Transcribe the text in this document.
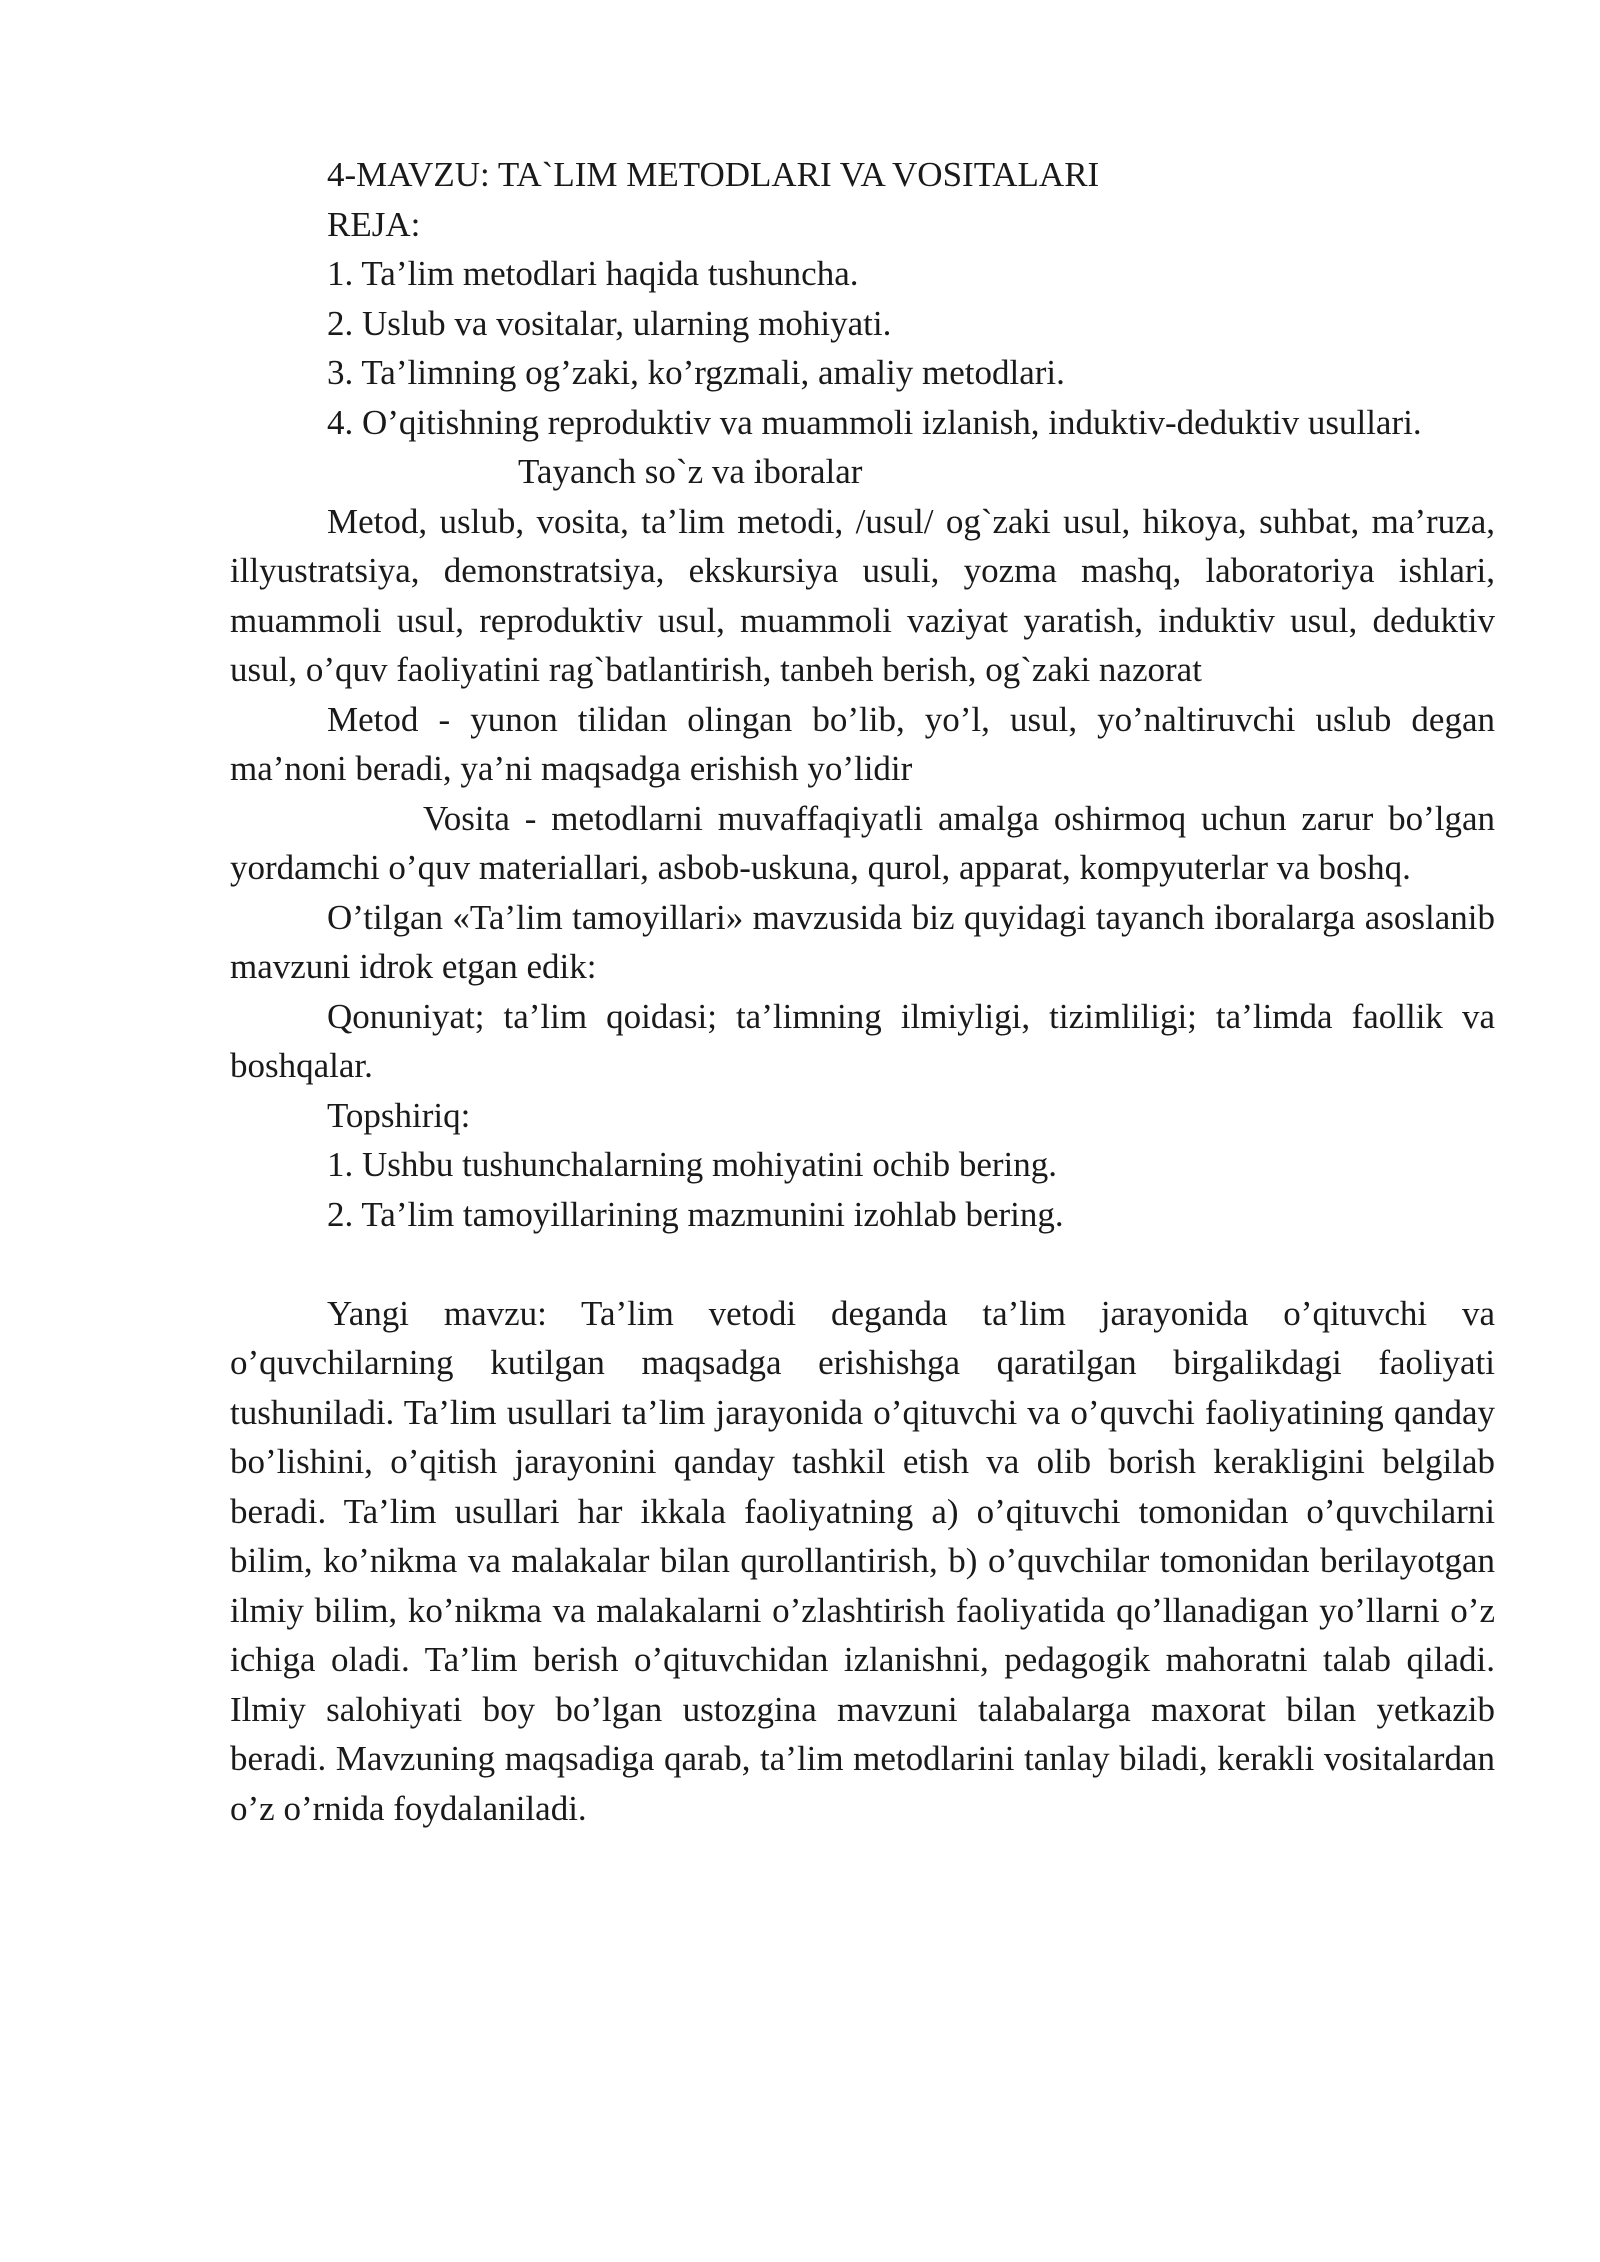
4-MAVZU: TA`LIM METODLARI VA VOSITALARI

REJA:

1. Ta’lim metodlari haqida tushuncha.

2. Uslub va vositalar, ularning mohiyati.

3. Ta’limning og’zaki, ko’rgzmali, amaliy metodlari.

4. O’qitishning reproduktiv va muammoli izlanish, induktiv-deduktiv usullari.

Tayanch so`z va iboralar

Metod, uslub, vosita, ta’lim metodi, /usul/ og`zaki usul, hikoya, suhbat, ma’ruza, illyustratsiya, demonstratsiya, ekskursiya usuli, yozma mashq, laboratoriya ishlari, muammoli usul, reproduktiv usul, muammoli vaziyat yaratish, induktiv usul, deduktiv usul, o’quv faoliyatini rag`batlantirish, tanbeh berish, og`zaki nazorat

Metod - yunon tilidan olingan bo’lib, yo’l, usul, yo’naltiruvchi uslub degan ma’noni beradi, ya’ni maqsadga erishish yo’lidir

Vosita - metodlarni muvaffaqiyatli amalga oshirmoq uchun zarur bo’lgan yordamchi o’quv materiallari, asbob-uskuna, qurol, apparat, kompyuterlar va boshq.

O’tilgan «Ta’lim tamoyillari» mavzusida biz quyidagi tayanch iboralarga asoslanib mavzuni idrok etgan edik:

Qonuniyat; ta’lim qoidasi; ta’limning ilmiyligi, tizimliligi; ta’limda faollik va boshqalar.

Topshiriq:

1. Ushbu tushunchalarning mohiyatini ochib bering.

2. Ta’lim tamoyillarining mazmunini izohlab bering.

Yangi mavzu: Ta’lim vetodi deganda ta’lim jarayonida o’qituvchi va o’quvchilarning kutilgan maqsadga erishishga qaratilgan birgalikdagi faoliyati tushuniladi. Ta’lim usullari ta’lim jarayonida o’qituvchi va o’quvchi faoliyatining qanday bo’lishini, o’qitish jarayonini qanday tashkil etish va olib borish kerakligini belgilab beradi. Ta’lim usullari har ikkala faoliyatning a) o’qituvchi tomonidan o’quvchilarni bilim, ko’nikma va malakalar bilan qurollantirish, b) o’quvchilar tomonidan berilayotgan ilmiy bilim, ko’nikma va malakalarni o’zlashtirish faoliyatida qo’llanadigan yo’llarni o’z ichiga oladi. Ta’lim berish o’qituvchidan izlanishni, pedagogik mahoratni talab qiladi. Ilmiy salohiyati boy bo’lgan ustozgina mavzuni talabalarga maxorat bilan yetkazib beradi. Mavzuning maqsadiga qarab, ta’lim metodlarini tanlay biladi, kerakli vositalardan o’z o’rnida foydalaniladi.
